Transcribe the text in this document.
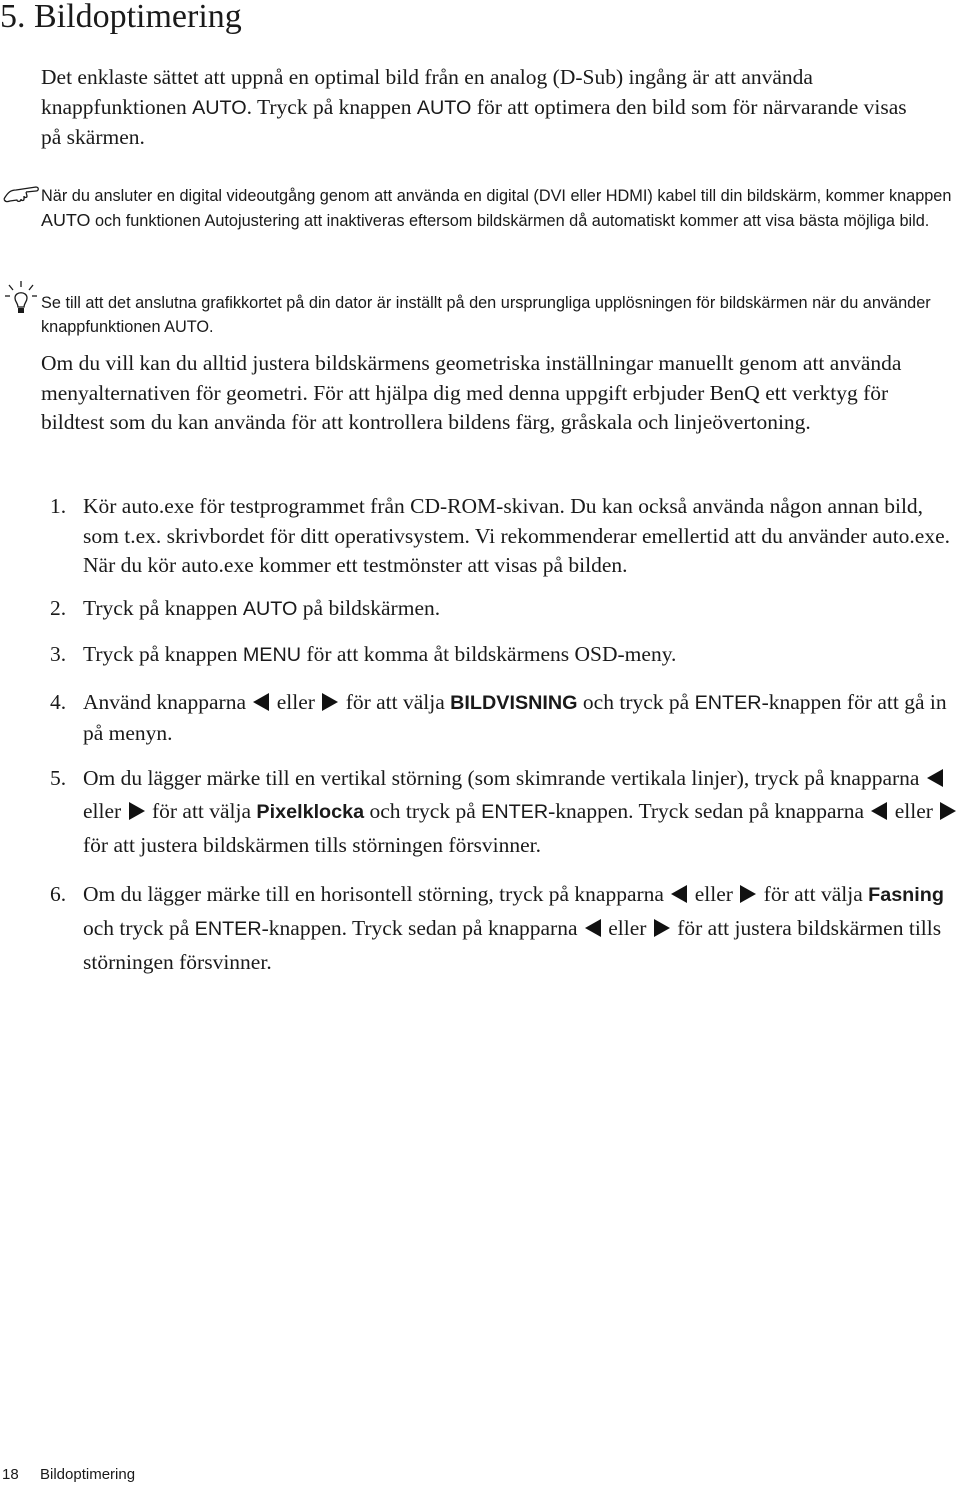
5. Bildoptimering

Det enklaste sättet att uppnå en optimal bild från en analog (D-Sub) ingång är att använda knappfunktionen AUTO. Tryck på knappen AUTO för att optimera den bild som för närvarande visas på skärmen.

När du ansluter en digital videoutgång genom att använda en digital (DVI eller HDMI) kabel till din bildskärm, kommer knappen AUTO och funktionen Autojustering att inaktiveras eftersom bildskärmen då automatiskt kommer att visa bästa möjliga bild.

Se till att det anslutna grafikkortet på din dator är inställt på den ursprungliga upplösningen för bildskärmen när du använder knappfunktionen AUTO.

Om du vill kan du alltid justera bildskärmens geometriska inställningar manuellt genom att använda menyalternativen för geometri. För att hjälpa dig med denna uppgift erbjuder BenQ ett verktyg för bildtest som du kan använda för att kontrollera bildens färg, gråskala och linjeövertoning.

1. Kör auto.exe för testprogrammet från CD-ROM-skivan. Du kan också använda någon annan bild, som t.ex. skrivbordet för ditt operativsystem. Vi rekommenderar emellertid att du använder auto.exe. När du kör auto.exe kommer ett testmönster att visas på bilden.
2. Tryck på knappen AUTO på bildskärmen.
3. Tryck på knappen MENU för att komma åt bildskärmens OSD-meny.
4. Använd knapparna  eller  för att välja BILDVISNING och tryck på ENTER-knappen för att gå in på menyn.
5. Om du lägger märke till en vertikal störning (som skimrande vertikala linjer), tryck på knapparna  eller  för att välja Pixelklocka och tryck på ENTER-knappen. Tryck sedan på knapparna  eller  för att justera bildskärmen tills störningen försvinner.
6. Om du lägger märke till en horisontell störning, tryck på knapparna  eller  för att välja Fasning och tryck på ENTER-knappen. Tryck sedan på knapparna  eller  för att justera bildskärmen tills störningen försvinner.
18 Bildoptimering
